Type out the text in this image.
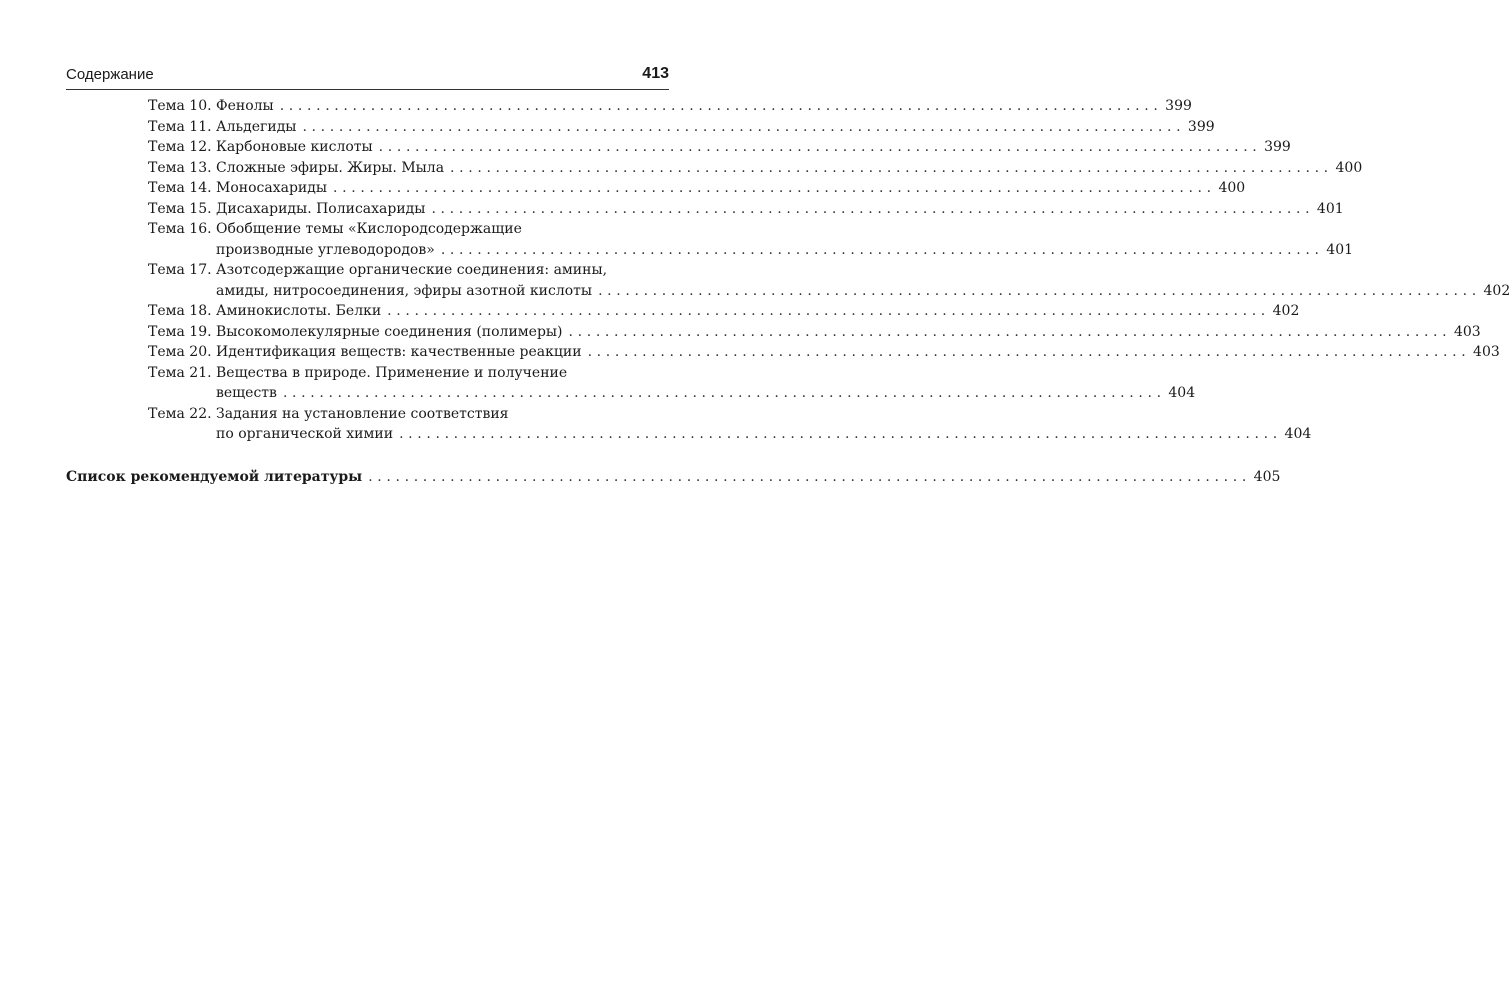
Содержание	413
Тема 10. Фенолы . . . . . . . . . . . . . . . . . . . . . . . . . . . . . . . . . . . . . . . . . . . . . . . . . . . . . . . . . . . . . . . . . . . . . . . . . . . . . . . . . . . . . . . . . . . . . . . . . 399
Тема 11. Альдегиды . . . . . . . . . . . . . . . . . . . . . . . . . . . . . . . . . . . . . . . . . . . . . . . . . . . . . . . . . . . . . . . . . . . . . . . . . . . . . . . . . . . . . . . . . . . . . . . . . 399
Тема 12. Карбоновые кислоты . . . . . . . . . . . . . . . . . . . . . . . . . . . . . . . . . . . . . . . . . . . . . . . . . . . . . . . . . . . . . . . . . . . . . . . . . . . . . . . . . . . . . . . . . . . . . . . . . 399
Тема 13. Сложные эфиры. Жиры. Мыла . . . . . . . . . . . . . . . . . . . . . . . . . . . . . . . . . . . . . . . . . . . . . . . . . . . . . . . . . . . . . . . . . . . . . . . . . . . . . . . . . . . . . . . . . . . . . . . . . 400
Тема 14. Моносахариды . . . . . . . . . . . . . . . . . . . . . . . . . . . . . . . . . . . . . . . . . . . . . . . . . . . . . . . . . . . . . . . . . . . . . . . . . . . . . . . . . . . . . . . . . . . . . . . . . 400
Тема 15. Дисахариды. Полисахариды . . . . . . . . . . . . . . . . . . . . . . . . . . . . . . . . . . . . . . . . . . . . . . . . . . . . . . . . . . . . . . . . . . . . . . . . . . . . . . . . . . . . . . . . . . . . . . . . . 401
Тема 16. Обобщение темы «Кислородсодержащие
производные углеводородов» . . . . . . . . . . . . . . . . . . . . . . . . . . . . . . . . . . . . . . . . . . . . . . . . . . . . . . . . . . . . . . . . . . . . . . . . . . . . . . . . . . . . . . . . . . . . . . . . . 401
Тема 17. Азотсодержащие органические соединения: амины,
амиды, нитросоединения, эфиры азотной кислоты . . . . . . . . . . . . . . . . . . . . . . . . . . . . . . . . . . . . . . . . . . . . . . . . . . . . . . . . . . . . . . . . . . . . . . . . . . . . . . . . . . . . . . . . . . . . . . . . . 402
Тема 18. Аминокислоты. Белки . . . . . . . . . . . . . . . . . . . . . . . . . . . . . . . . . . . . . . . . . . . . . . . . . . . . . . . . . . . . . . . . . . . . . . . . . . . . . . . . . . . . . . . . . . . . . . . . . 402
Тема 19. Высокомолекулярные соединения (полимеры) . . . . . . . . . . . . . . . . . . . . . . . . . . . . . . . . . . . . . . . . . . . . . . . . . . . . . . . . . . . . . . . . . . . . . . . . . . . . . . . . . . . . . . . . . . . . . . . . . 403
Тема 20. Идентификация веществ: качественные реакции . . . . . . . . . . . . . . . . . . . . . . . . . . . . . . . . . . . . . . . . . . . . . . . . . . . . . . . . . . . . . . . . . . . . . . . . . . . . . . . . . . . . . . . . . . . . . . . . . 403
Тема 21. Вещества в природе. Применение и получение
веществ . . . . . . . . . . . . . . . . . . . . . . . . . . . . . . . . . . . . . . . . . . . . . . . . . . . . . . . . . . . . . . . . . . . . . . . . . . . . . . . . . . . . . . . . . . . . . . . . . 404
Тема 22. Задания на установление соответствия
по органической химии . . . . . . . . . . . . . . . . . . . . . . . . . . . . . . . . . . . . . . . . . . . . . . . . . . . . . . . . . . . . . . . . . . . . . . . . . . . . . . . . . . . . . . . . . . . . . . . . . 404
Список рекомендуемой литературы . . . . . . . . . . . . . . . . . . . . . . . . . . . . . . . . . . . . . . . . . . . . . . . . . . . . . . . . . . . . . . . . . . . . . . . . . . . . . . . . . . . . . . . . . . . . . . . . . 405
